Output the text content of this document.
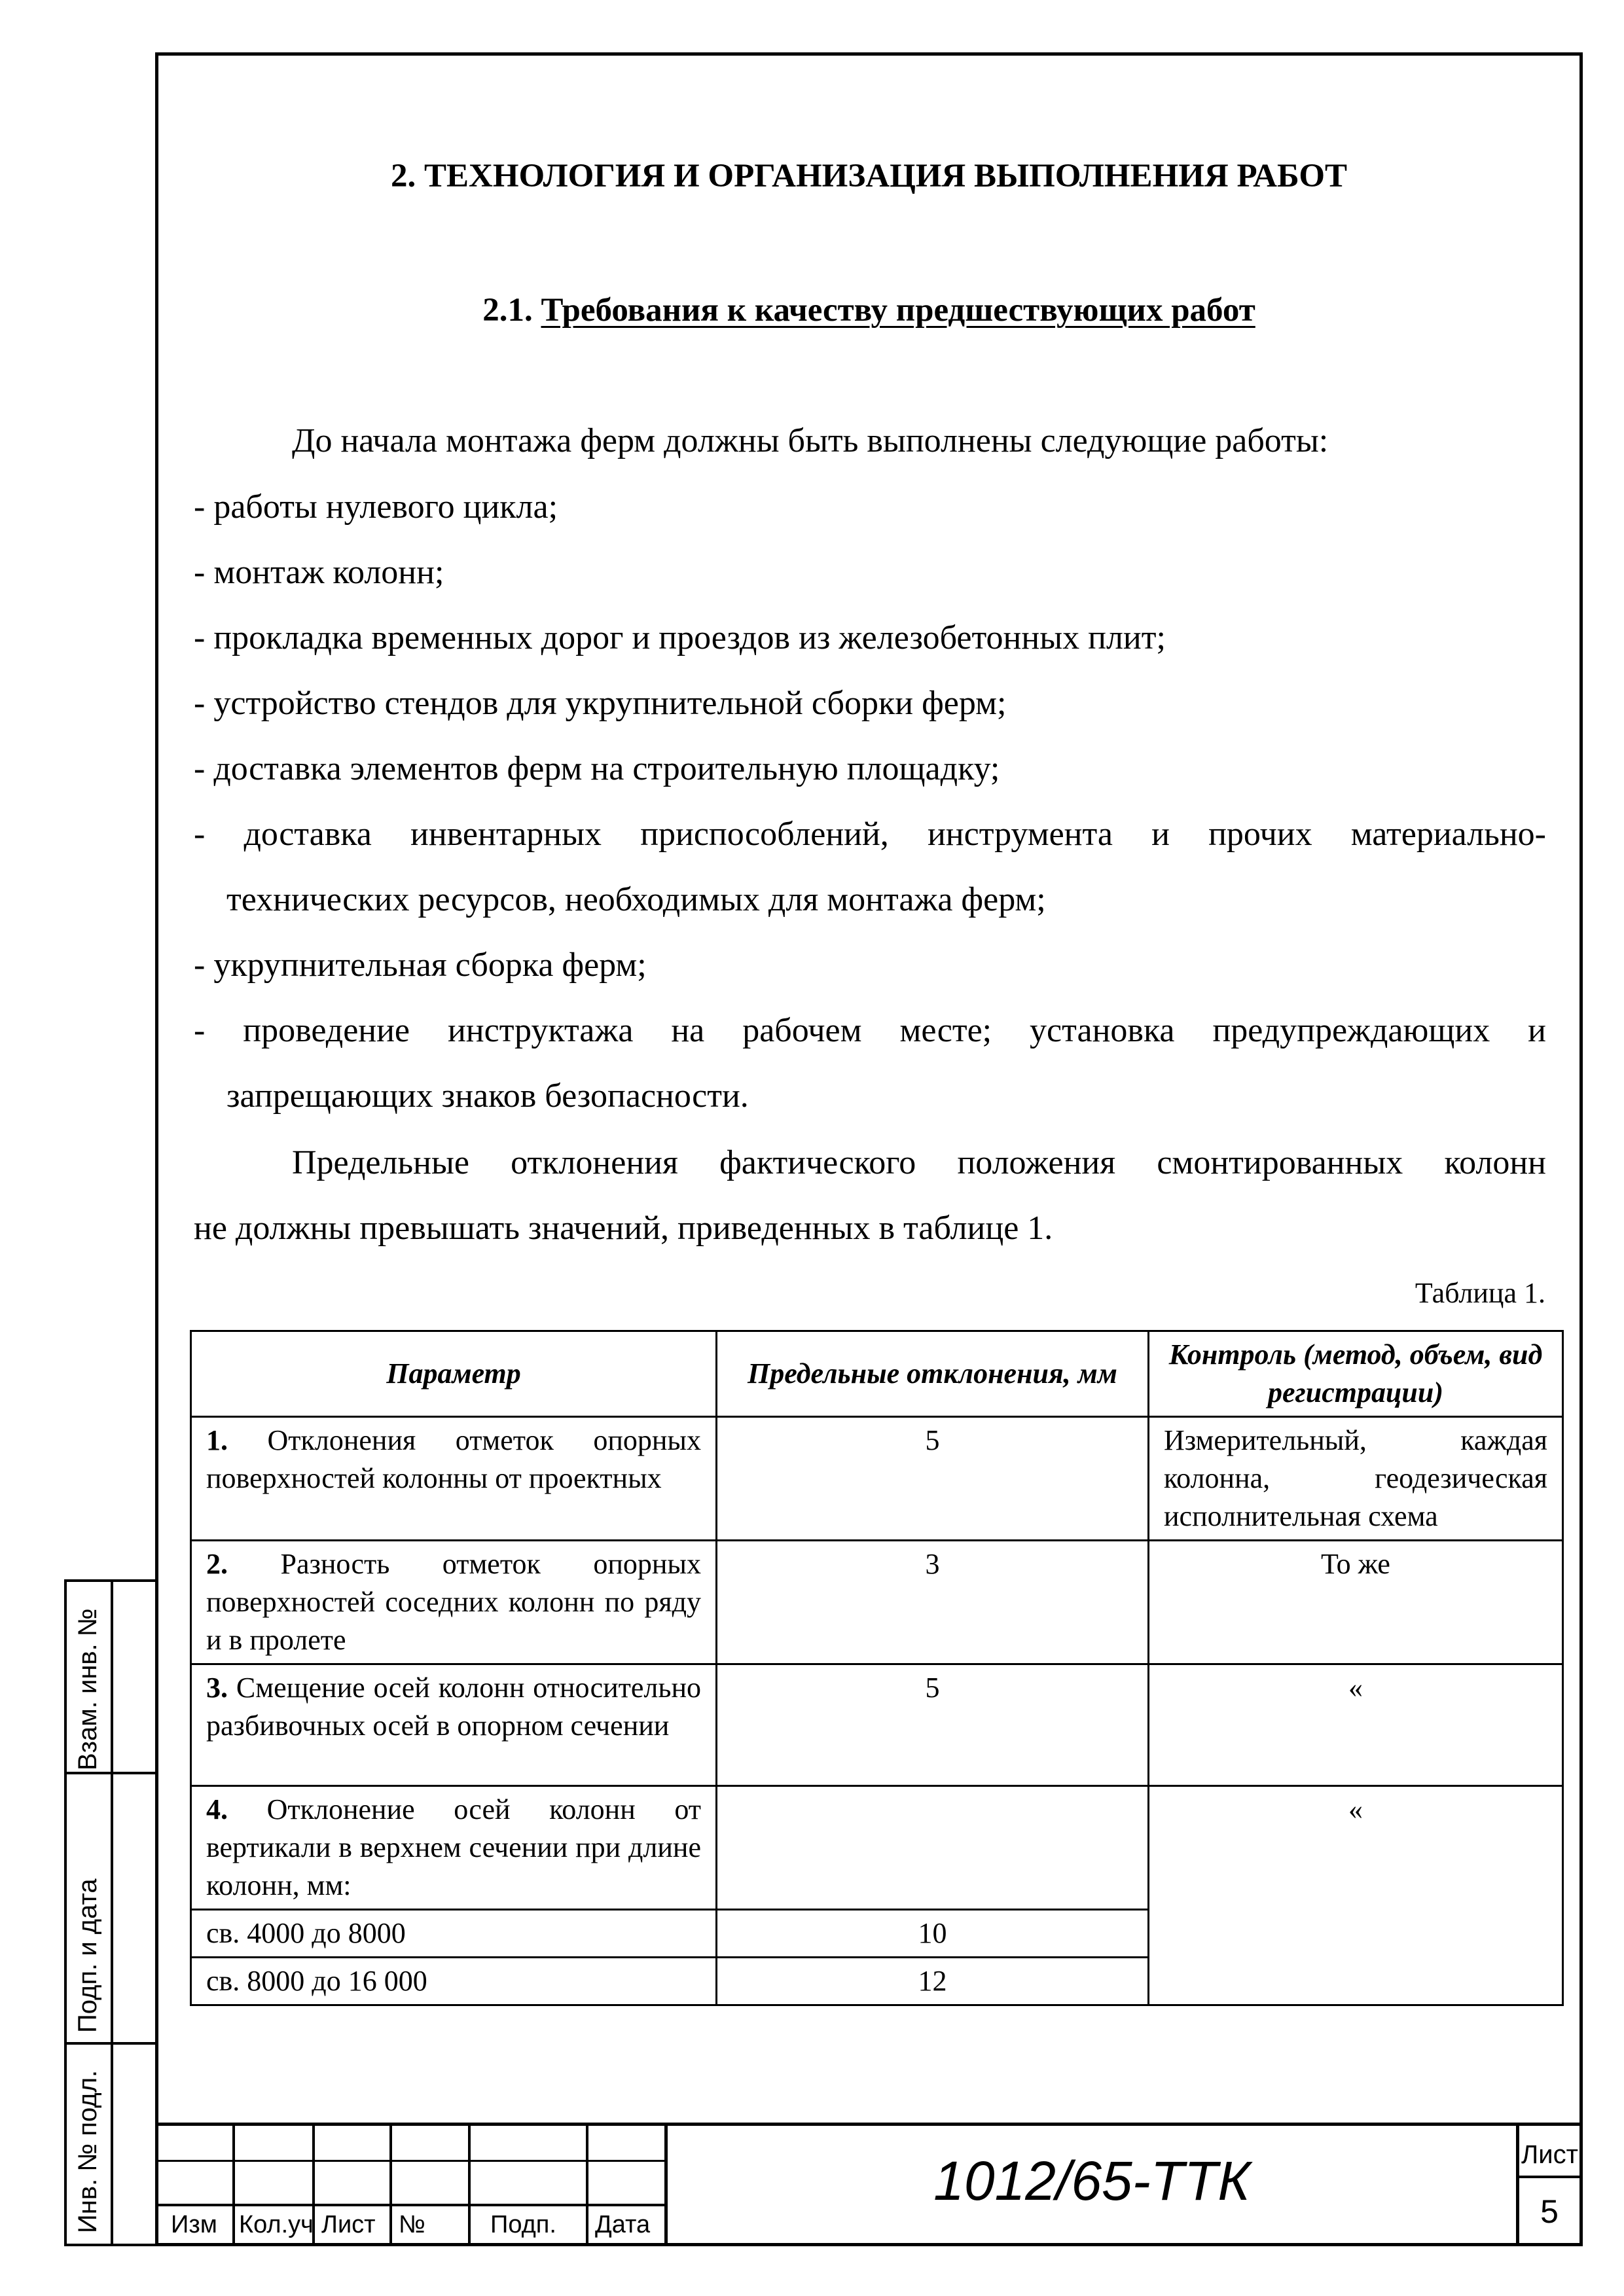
Взам. инв. №
Подп. и дата
Инв. № подл.
2. ТЕХНОЛОГИЯ И ОРГАНИЗАЦИЯ ВЫПОЛНЕНИЯ РАБОТ
2.1. Требования к качеству предшествующих работ
До начала монтажа ферм должны быть выполнены следующие работы:
- работы нулевого цикла;
- монтаж колонн;
- прокладка временных дорог и проездов из железобетонных плит;
- устройство стендов для укрупнительной сборки ферм;
- доставка элементов ферм на строительную площадку;
- доставка инвентарных приспособлений, инструмента и прочих материально-
технических ресурсов, необходимых для монтажа ферм;
- укрупнительная сборка ферм;
- проведение инструктажа на рабочем месте; установка предупреждающих и
запрещающих знаков безопасности.
Предельные отклонения фактического положения смонтированных колонн
не должны превышать значений, приведенных в таблице 1.
Таблица 1.
Параметр	Предельные отклонения, мм	Контроль (метод, объем, вид регистрации)
1. Отклонения отметок опорных поверхностей колонны от проектных	5	Измерительный, каждая колонна, геодезическая исполнительная схема
2. Разность отметок опорных поверхностей соседних колонн по ряду и в пролете	3	То же
3. Смещение осей колонн относительно разбивочных осей в опорном сечении	5	«
4. Отклонение осей колонн от вертикали в верхнем сечении при длине колонн, мм:		«
св. 4000 до 8000	10	
св. 8000 до 16 000	12	
Изм Кол.уч Лист №	Подп. Дата
1012/65-ТТК	Лист
5
